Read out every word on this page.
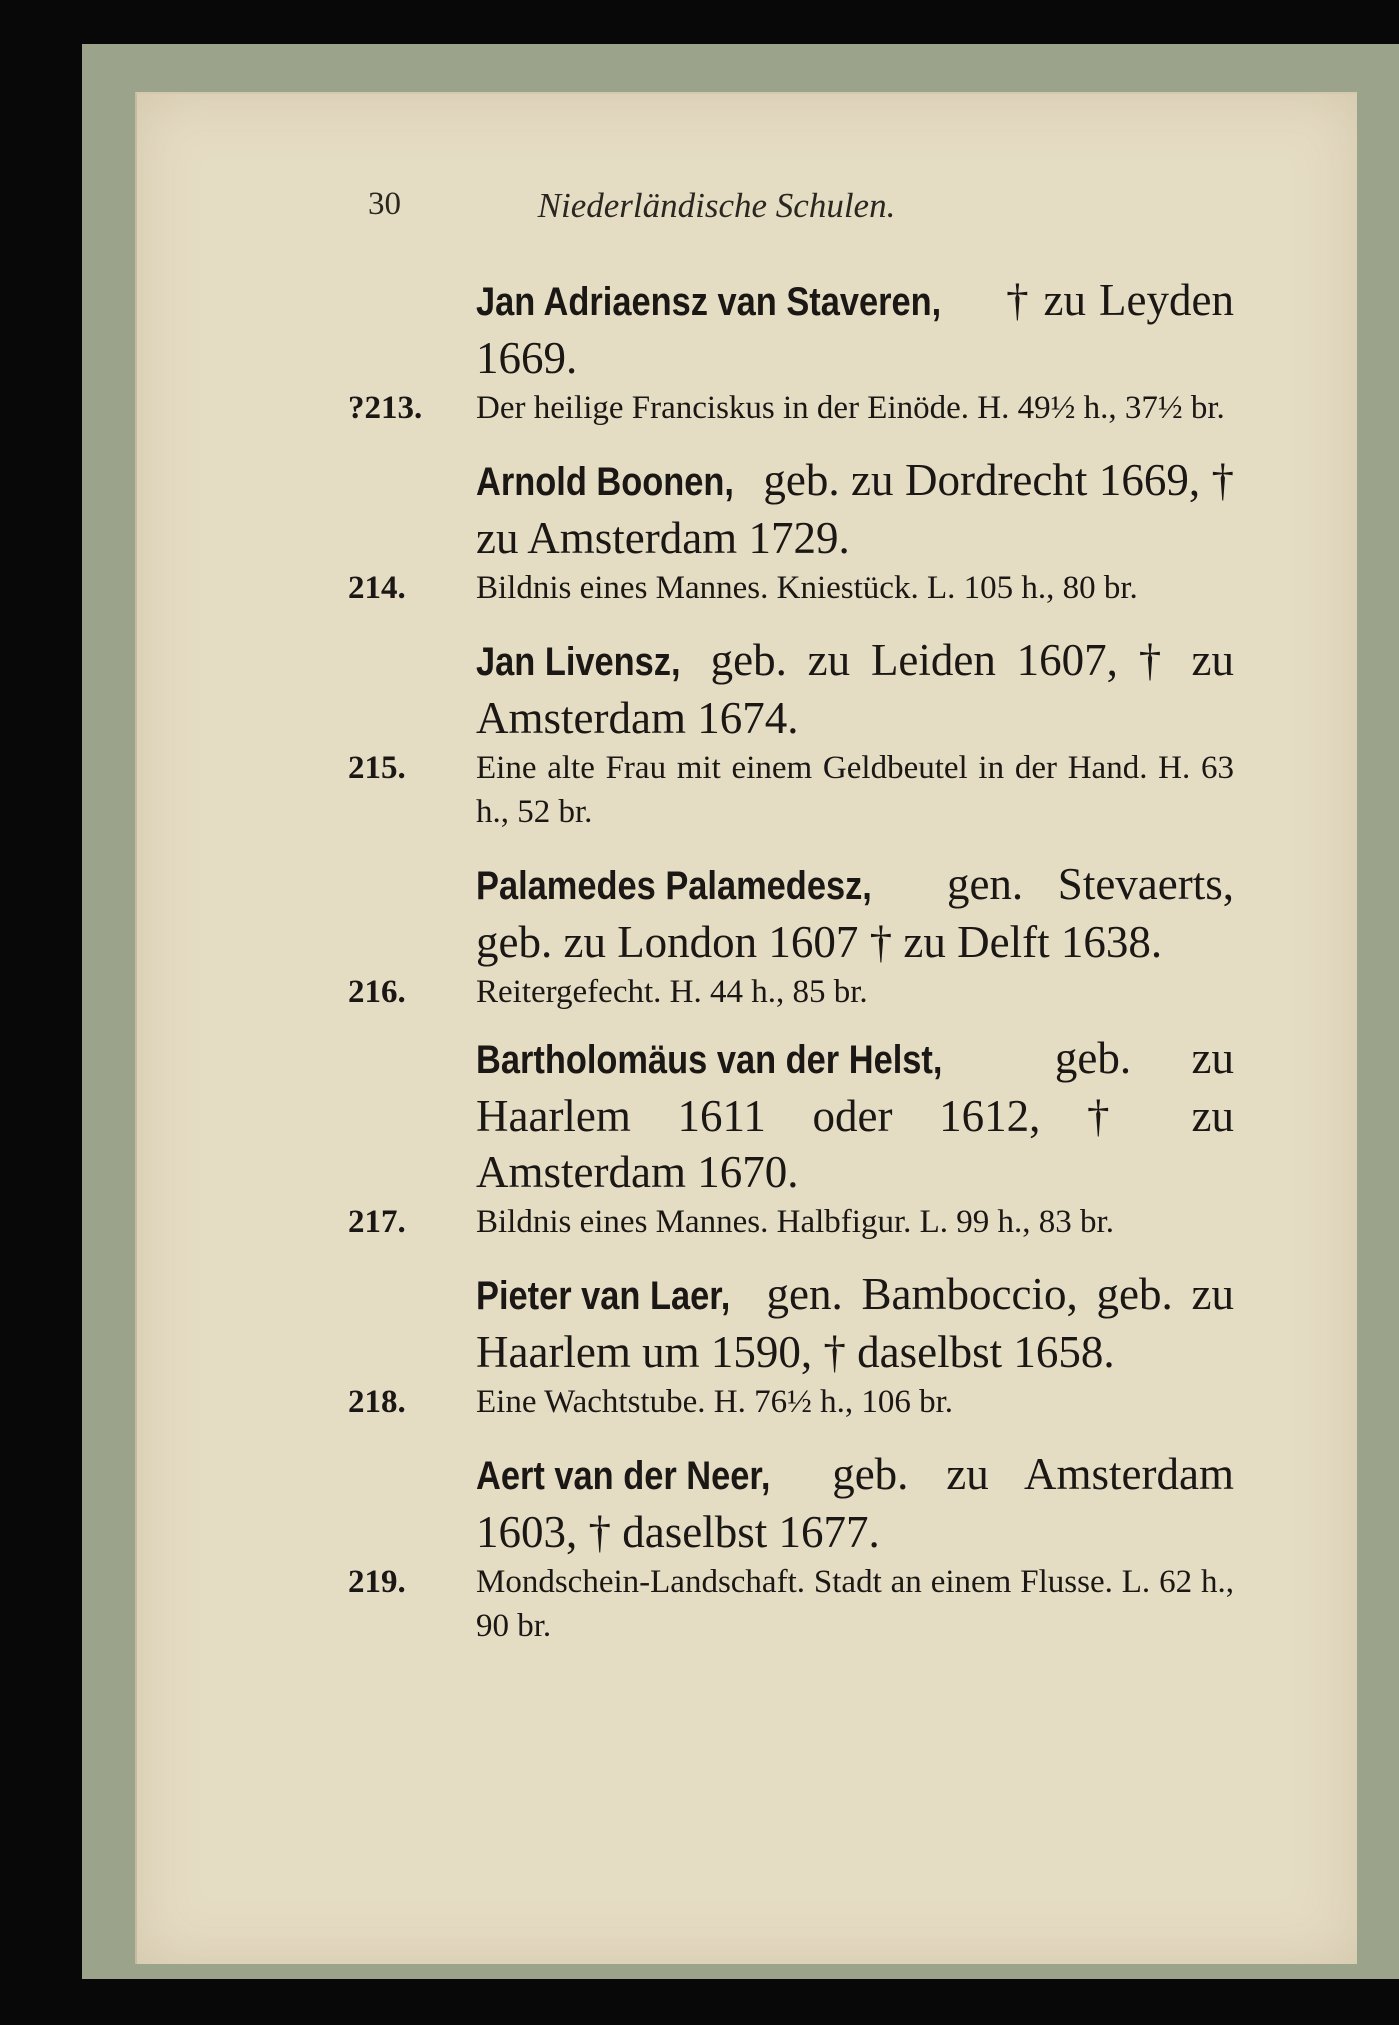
30	Niederländische Schulen.
Jan Adriaensz van Staveren, † zu Leyden 1669.
?213.	Der heilige Franciskus in der Einöde. H. 49½ h., 37½ br.
Arnold Boonen, geb. zu Dordrecht 1669, † zu Amsterdam 1729.
214.	Bildnis eines Mannes. Kniestück. L. 105 h., 80 br.
Jan Livensz, geb. zu Leiden 1607, † zu Amsterdam 1674.
215.	Eine alte Frau mit einem Geldbeutel in der Hand. H. 63 h., 52 br.
Palamedes Palamedesz, gen. Stevaerts, geb. zu London 1607 † zu Delft 1638.
216.	Reitergefecht. H. 44 h., 85 br.
Bartholomäus van der Helst, geb. zu Haarlem 1611 oder 1612, † zu Amsterdam 1670.
217.	Bildnis eines Mannes. Halbfigur. L. 99 h., 83 br.
Pieter van Laer, gen. Bamboccio, geb. zu Haarlem um 1590, † daselbst 1658.
218.	Eine Wachtstube. H. 76½ h., 106 br.
Aert van der Neer, geb. zu Amsterdam 1603, † daselbst 1677.
219.	Mondschein-Landschaft. Stadt an einem Flusse. L. 62 h., 90 br.
